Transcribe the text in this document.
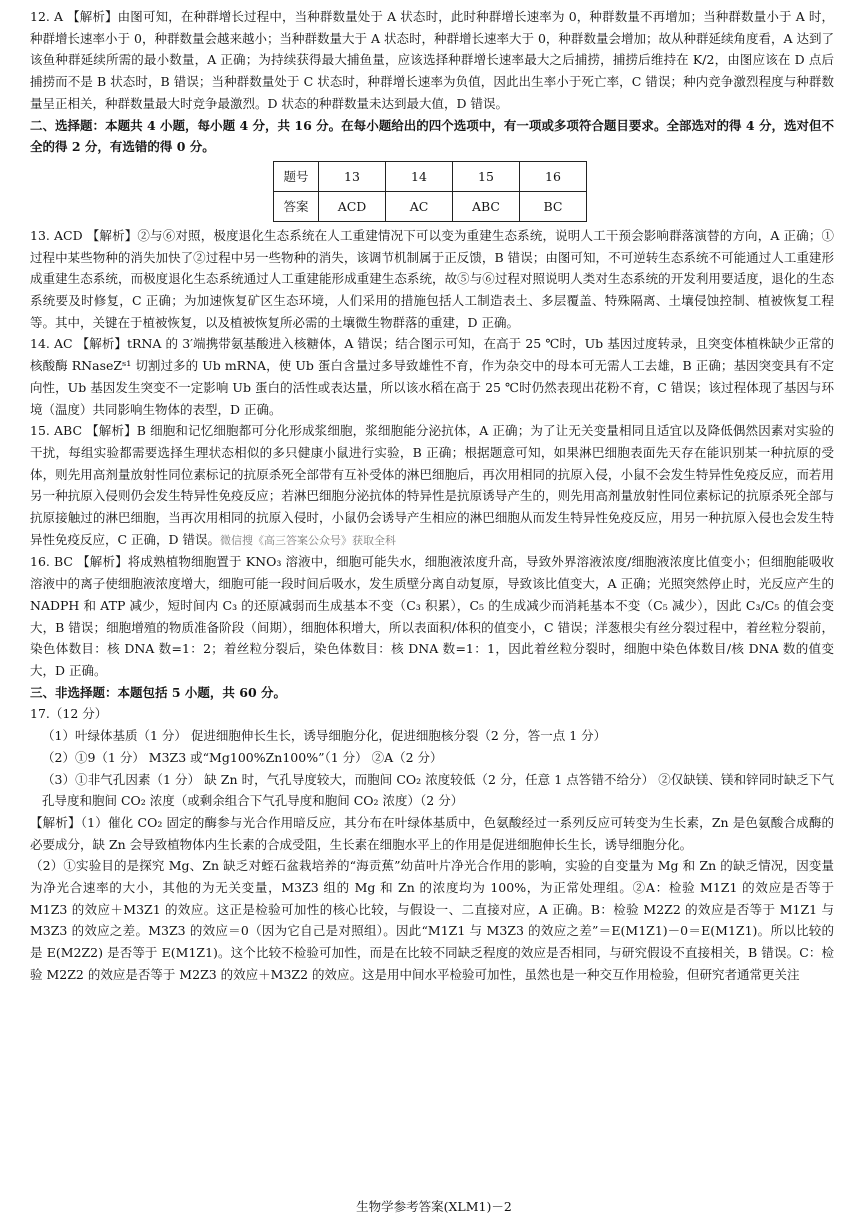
12. A 【解析】由图可知，在种群增长过程中，当种群数量处于 A 状态时，此时种群增长速率为 0，种群数量不再增加；当种群数量小于 A 时，种群增长速率小于 0，种群数量会越来越小；当种群数量大于 A 状态时，种群增长速率大于 0，种群数量会增加；故从种群延续角度看，A 达到了该鱼种群延续所需的最小数量，A 正确；为持续获得最大捕鱼量，应该选择种群增长速率最大之后捕捞，捕捞后维持在 K/2，由图应该在 D 点后捕捞而不是 B 状态时，B 错误；当种群数量处于 C 状态时，种群增长速率为负值，因此出生率小于死亡率，C 错误；种内竞争激烈程度与种群数量呈正相关，种群数量最大时竞争最激烈。D 状态的种群数量未达到最大值，D 错误。

二、选择题：本题共 4 小题，每小题 4 分，共 16 分。在每小题给出的四个选项中，有一项或多项符合题目要求。全部选对的得 4 分，选对但不全的得 2 分，有选错的得 0 分。

题号	13	14	15	16
答案	ACD	AC	ABC	BC

13. ACD 【解析】②与⑥对照，极度退化生态系统在人工重建情况下可以变为重建生态系统，说明人工干预会影响群落演替的方向，A 正确；①过程中某些物种的消失加快了②过程中另一些物种的消失，该调节机制属于正反馈，B 错误；由图可知，不可逆转生态系统不可能通过人工重建形成重建生态系统，而极度退化生态系统通过人工重建能形成重建生态系统，故⑤与⑥过程对照说明人类对生态系统的开发利用要适度，退化的生态系统要及时修复，C 正确；为加速恢复矿区生态环境，人们采用的措施包括人工制造表土、多层覆盖、特殊隔离、土壤侵蚀控制、植被恢复工程等。其中，关键在于植被恢复，以及植被恢复所必需的土壤微生物群落的重建，D 正确。

14. AC 【解析】tRNA 的 3′端携带氨基酸进入核糖体，A 错误；结合图示可知，在高于 25 ℃时，Ub 基因过度转录，且突变体植株缺少正常的核酸酶 RNaseZˢ¹ 切割过多的 Ub mRNA，使 Ub 蛋白含量过多导致雄性不育，作为杂交中的母本可无需人工去雄，B 正确；基因突变具有不定向性，Ub 基因发生突变不一定影响 Ub 蛋白的活性或表达量，所以该水稻在高于 25 ℃时仍然表现出花粉不育，C 错误；该过程体现了基因与环境（温度）共同影响生物体的表型，D 正确。

15. ABC 【解析】B 细胞和记忆细胞都可分化形成浆细胞，浆细胞能分泌抗体，A 正确；为了让无关变量相同且适宜以及降低偶然因素对实验的干扰，每组实验都需要选择生理状态相似的多只健康小鼠进行实验，B 正确；根据题意可知，如果淋巴细胞表面先天存在能识别某一种抗原的受体，则先用高剂量放射性同位素标记的抗原杀死全部带有互补受体的淋巴细胞后，再次用相同的抗原入侵，小鼠不会发生特异性免疫反应，而若用另一种抗原入侵则仍会发生特异性免疫反应；若淋巴细胞分泌抗体的特异性是抗原诱导产生的，则先用高剂量放射性同位素标记的抗原杀死全部与抗原接触过的淋巴细胞，当再次用相同的抗原入侵时，小鼠仍会诱导产生相应的淋巴细胞从而发生特异性免疫反应，用另一种抗原入侵也会发生特异性免疫反应，C 正确，D 错误。微信搜《高三答案公众号》获取全科

16. BC 【解析】将成熟植物细胞置于 KNO₃ 溶液中，细胞可能失水，细胞液浓度升高，导致外界溶液浓度/细胞液浓度比值变小；但细胞能吸收溶液中的离子使细胞液浓度增大，细胞可能一段时间后吸水，发生质壁分离自动复原，导致该比值变大，A 正确；光照突然停止时，光反应产生的 NADPH 和 ATP 减少，短时间内 C₃ 的还原减弱而生成基本不变（C₃ 积累），C₅ 的生成减少而消耗基本不变（C₅ 减少），因此 C₃/C₅ 的值会变大，B 错误；细胞增殖的物质准备阶段（间期），细胞体积增大，所以表面积/体积的值变小，C 错误；洋葱根尖有丝分裂过程中，着丝粒分裂前，染色体数目：核 DNA 数=1：2；着丝粒分裂后，染色体数目：核 DNA 数=1：1，因此着丝粒分裂时，细胞中染色体数目/核 DNA 数的值变大，D 正确。

三、非选择题：本题包括 5 小题，共 60 分。

17.（12 分）

（1）叶绿体基质（1 分） 促进细胞伸长生长，诱导细胞分化，促进细胞核分裂（2 分，答一点 1 分）

（2）①9（1 分） M3Z3 或“Mg100%Zn100%”（1 分） ②A（2 分）

（3）①非气孔因素（1 分） 缺 Zn 时，气孔导度较大，而胞间 CO₂ 浓度较低（2 分，任意 1 点答错不给分） ②仅缺镁、镁和锌同时缺乏下气孔导度和胞间 CO₂ 浓度（或剩余组合下气孔导度和胞间 CO₂ 浓度）（2 分）

【解析】（1）催化 CO₂ 固定的酶参与光合作用暗反应，其分布在叶绿体基质中，色氨酸经过一系列反应可转变为生长素，Zn 是色氨酸合成酶的必要成分，缺 Zn 会导致植物体内生长素的合成受阻，生长素在细胞水平上的作用是促进细胞伸长生长，诱导细胞分化。

（2）①实验目的是探究 Mg、Zn 缺乏对蛭石盆栽培养的“海贡蕉”幼苗叶片净光合作用的影响，实验的自变量为 Mg 和 Zn 的缺乏情况，因变量为净光合速率的大小，其他的为无关变量，M3Z3 组的 Mg 和 Zn 的浓度均为 100%，为正常处理组。②A：检验 M1Z1 的效应是否等于 M1Z3 的效应＋M3Z1 的效应。这正是检验可加性的核心比较，与假设一、二直接对应，A 正确。B：检验 M2Z2 的效应是否等于 M1Z1 与 M3Z3 的效应之差。M3Z3 的效应＝0（因为它自己是对照组）。因此“M1Z1 与 M3Z3 的效应之差”＝E(M1Z1)－0＝E(M1Z1)。所以比较的是 E(M2Z2) 是否等于 E(M1Z1)。这个比较不检验可加性，而是在比较不同缺乏程度的效应是否相同，与研究假设不直接相关，B 错误。C：检验 M2Z2 的效应是否等于 M2Z3 的效应＋M3Z2 的效应。这是用中间水平检验可加性，虽然也是一种交互作用检验，但研究者通常更关注

生物学参考答案(XLM1)－2
